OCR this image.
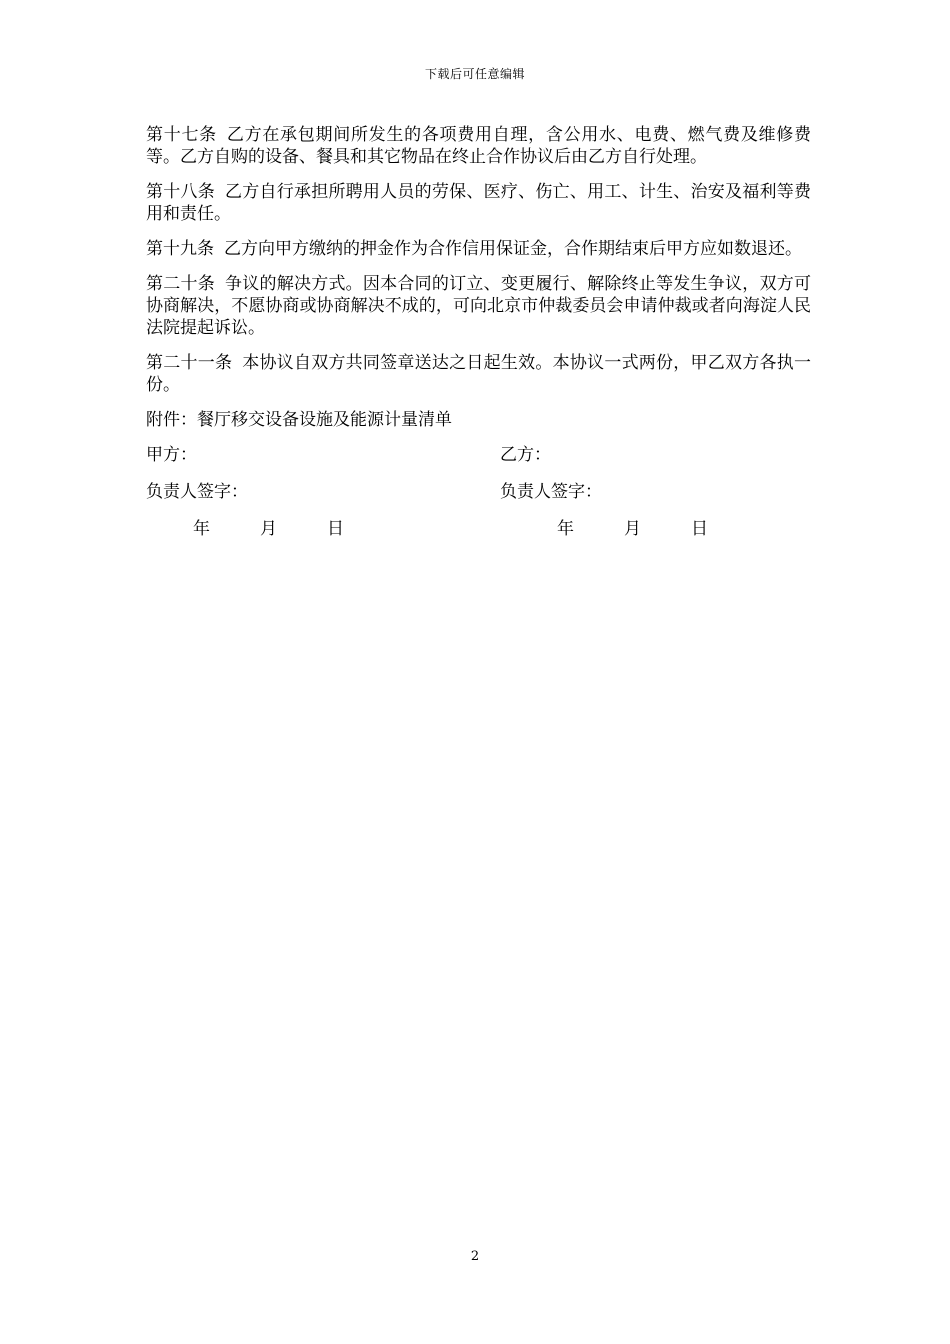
下载后可任意编辑

第十七条 乙方在承包期间所发生的各项费用自理，含公用水、电费、燃气费及维修费等。乙方自购的设备、餐具和其它物品在终止合作协议后由乙方自行处理。

第十八条 乙方自行承担所聘用人员的劳保、医疗、伤亡、用工、计生、治安及福利等费用和责任。

第十九条 乙方向甲方缴纳的押金作为合作信用保证金，合作期结束后甲方应如数退还。

第二十条 争议的解决方式。因本合同的订立、变更履行、解除终止等发生争议，双方可协商解决，不愿协商或协商解决不成的，可向北京市仲裁委员会申请仲裁或者向海淀人民法院提起诉讼。

第二十一条 本协议自双方共同签章送达之日起生效。本协议一式两份，甲乙双方各执一份。

附件：餐厅移交设备设施及能源计量清单

甲方：	乙方：
负责人签字：	负责人签字：
年	月	日	年	月	日
2
